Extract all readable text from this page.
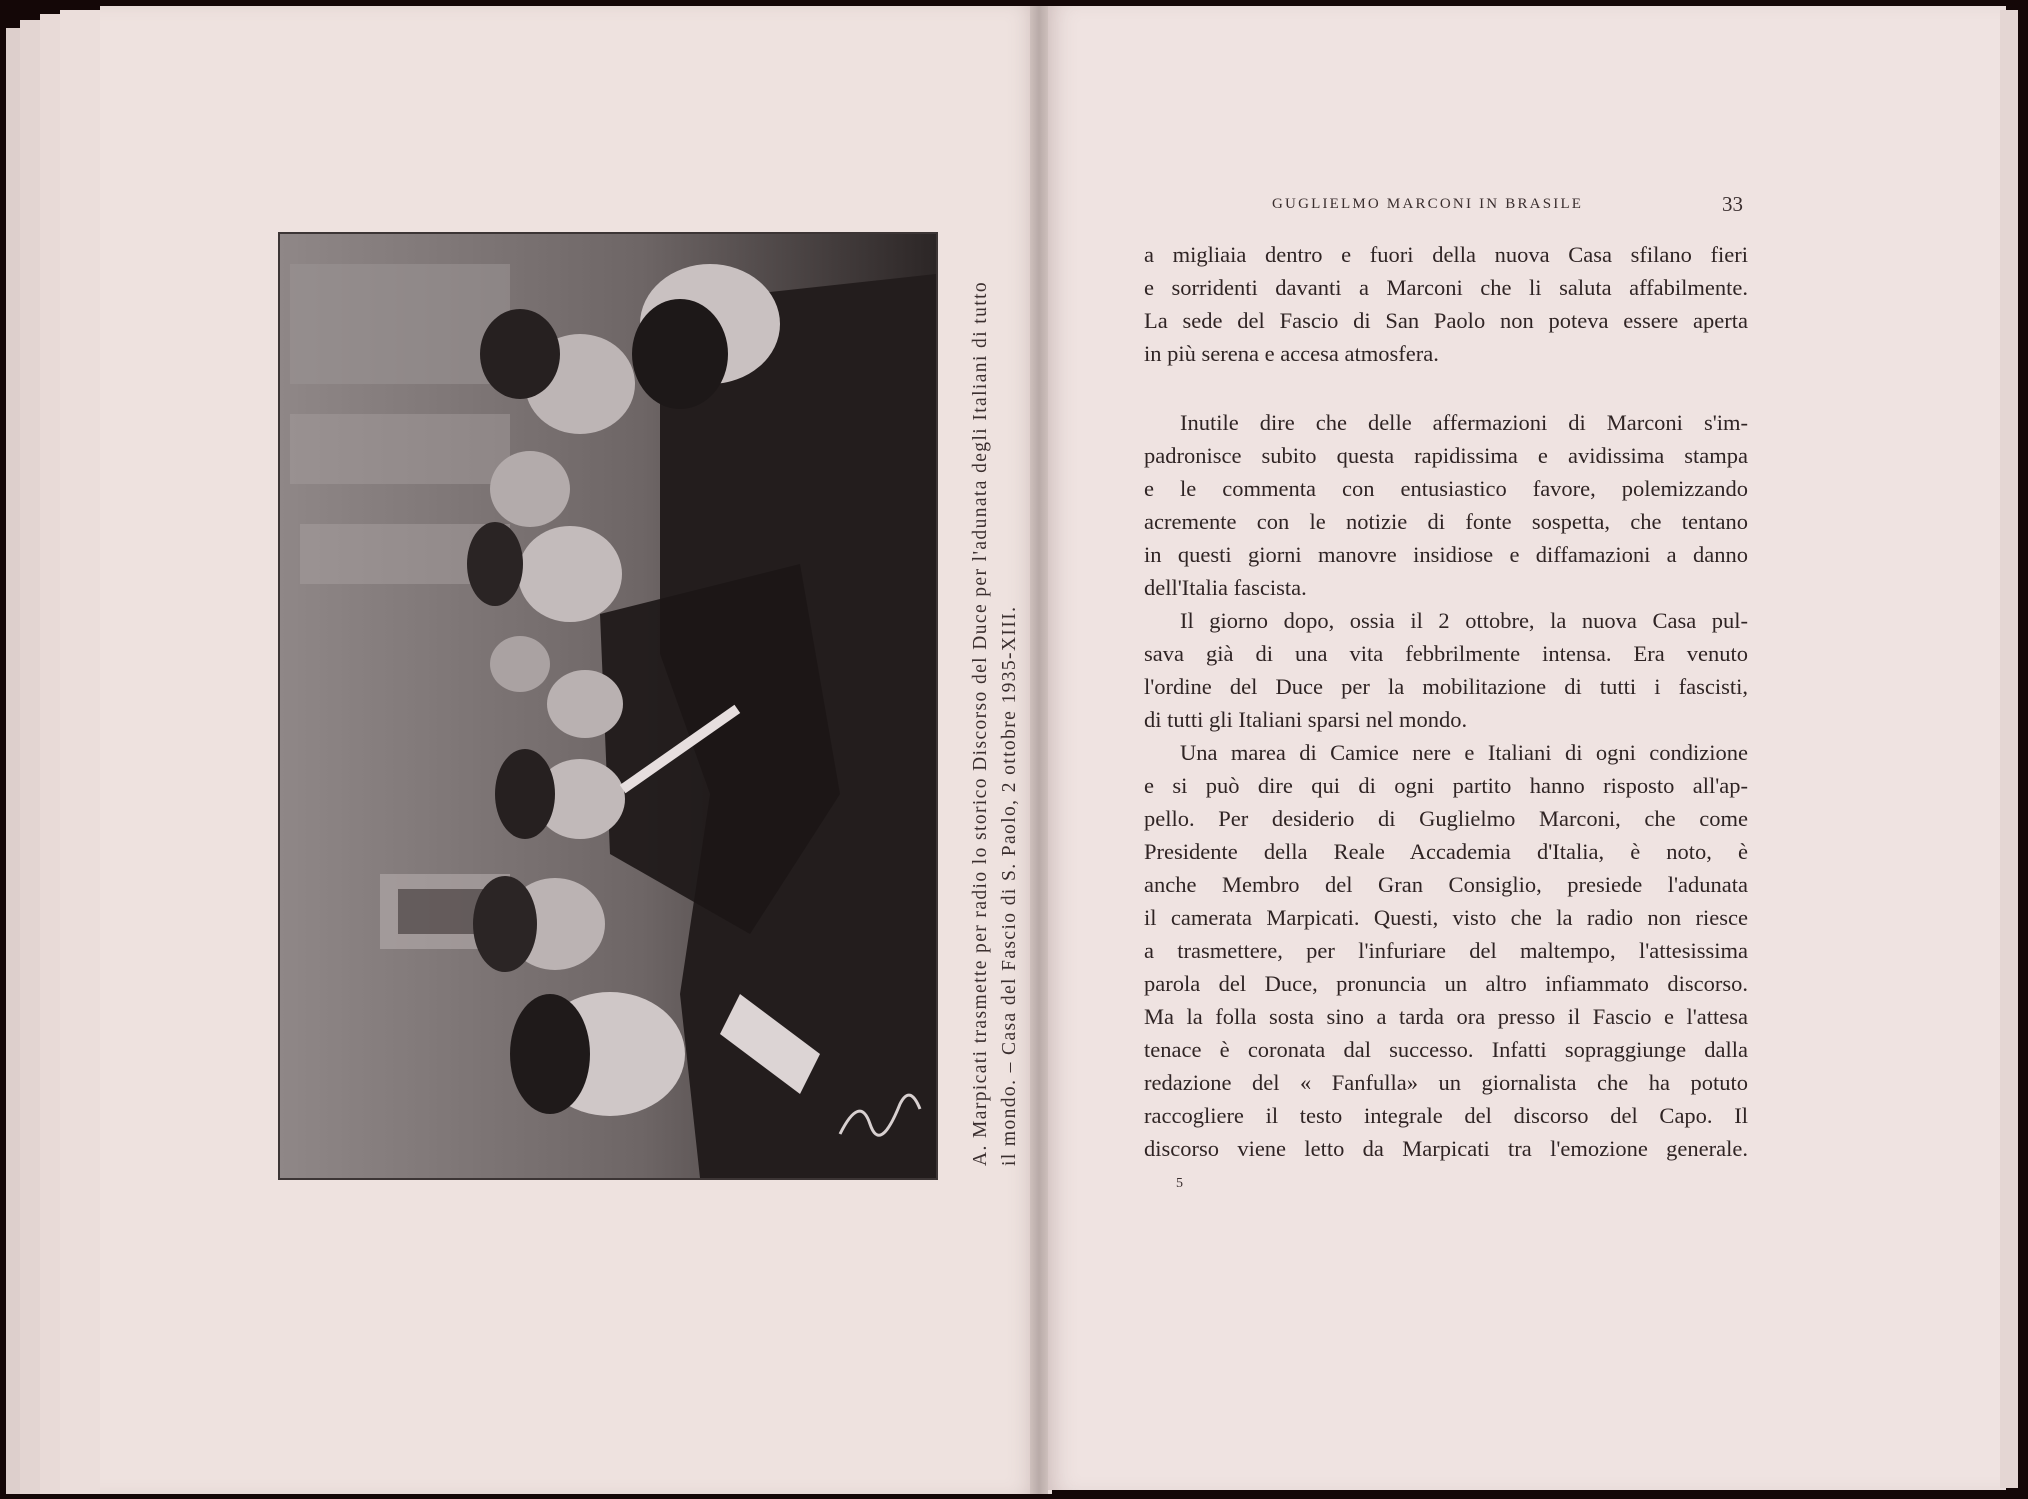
A. Marpicati trasmette per radio lo storico Discorso del Duce per l'adunata degli Italiani di tutto il mondo. – Casa del Fascio di S. Paolo, 2 ottobre 1935-XIII.
GUGLIELMO MARCONI IN BRASILE	33

a migliaia dentro e fuori della nuova Casa sfilano fieri
e sorridenti davanti a Marconi che li saluta affabilmente.
La sede del Fascio di San Paolo non poteva essere aperta
in più serena e accesa atmosfera.

Inutile dire che delle affermazioni di Marconi s'im-
padronisce subito questa rapidissima e avidissima stampa
e le commenta con entusiastico favore, polemizzando
acremente con le notizie di fonte sospetta, che tentano
in questi giorni manovre insidiose e diffamazioni a danno
dell'Italia fascista.

Il giorno dopo, ossia il 2 ottobre, la nuova Casa pul-
sava già di una vita febbrilmente intensa. Era venuto
l'ordine del Duce per la mobilitazione di tutti i fascisti,
di tutti gli Italiani sparsi nel mondo.

Una marea di Camice nere e Italiani di ogni condizione
e si può dire qui di ogni partito hanno risposto all'ap-
pello. Per desiderio di Guglielmo Marconi, che come
Presidente della Reale Accademia d'Italia, è noto, è
anche Membro del Gran Consiglio, presiede l'adunata
il camerata Marpicati. Questi, visto che la radio non riesce
a trasmettere, per l'infuriare del maltempo, l'attesissima
parola del Duce, pronuncia un altro infiammato discorso.
Ma la folla sosta sino a tarda ora presso il Fascio e l'attesa
tenace è coronata dal successo. Infatti sopraggiunge dalla
redazione del « Fanfulla» un giornalista che ha potuto
raccogliere il testo integrale del discorso del Capo. Il
discorso viene letto da Marpicati tra l'emozione generale.

5
